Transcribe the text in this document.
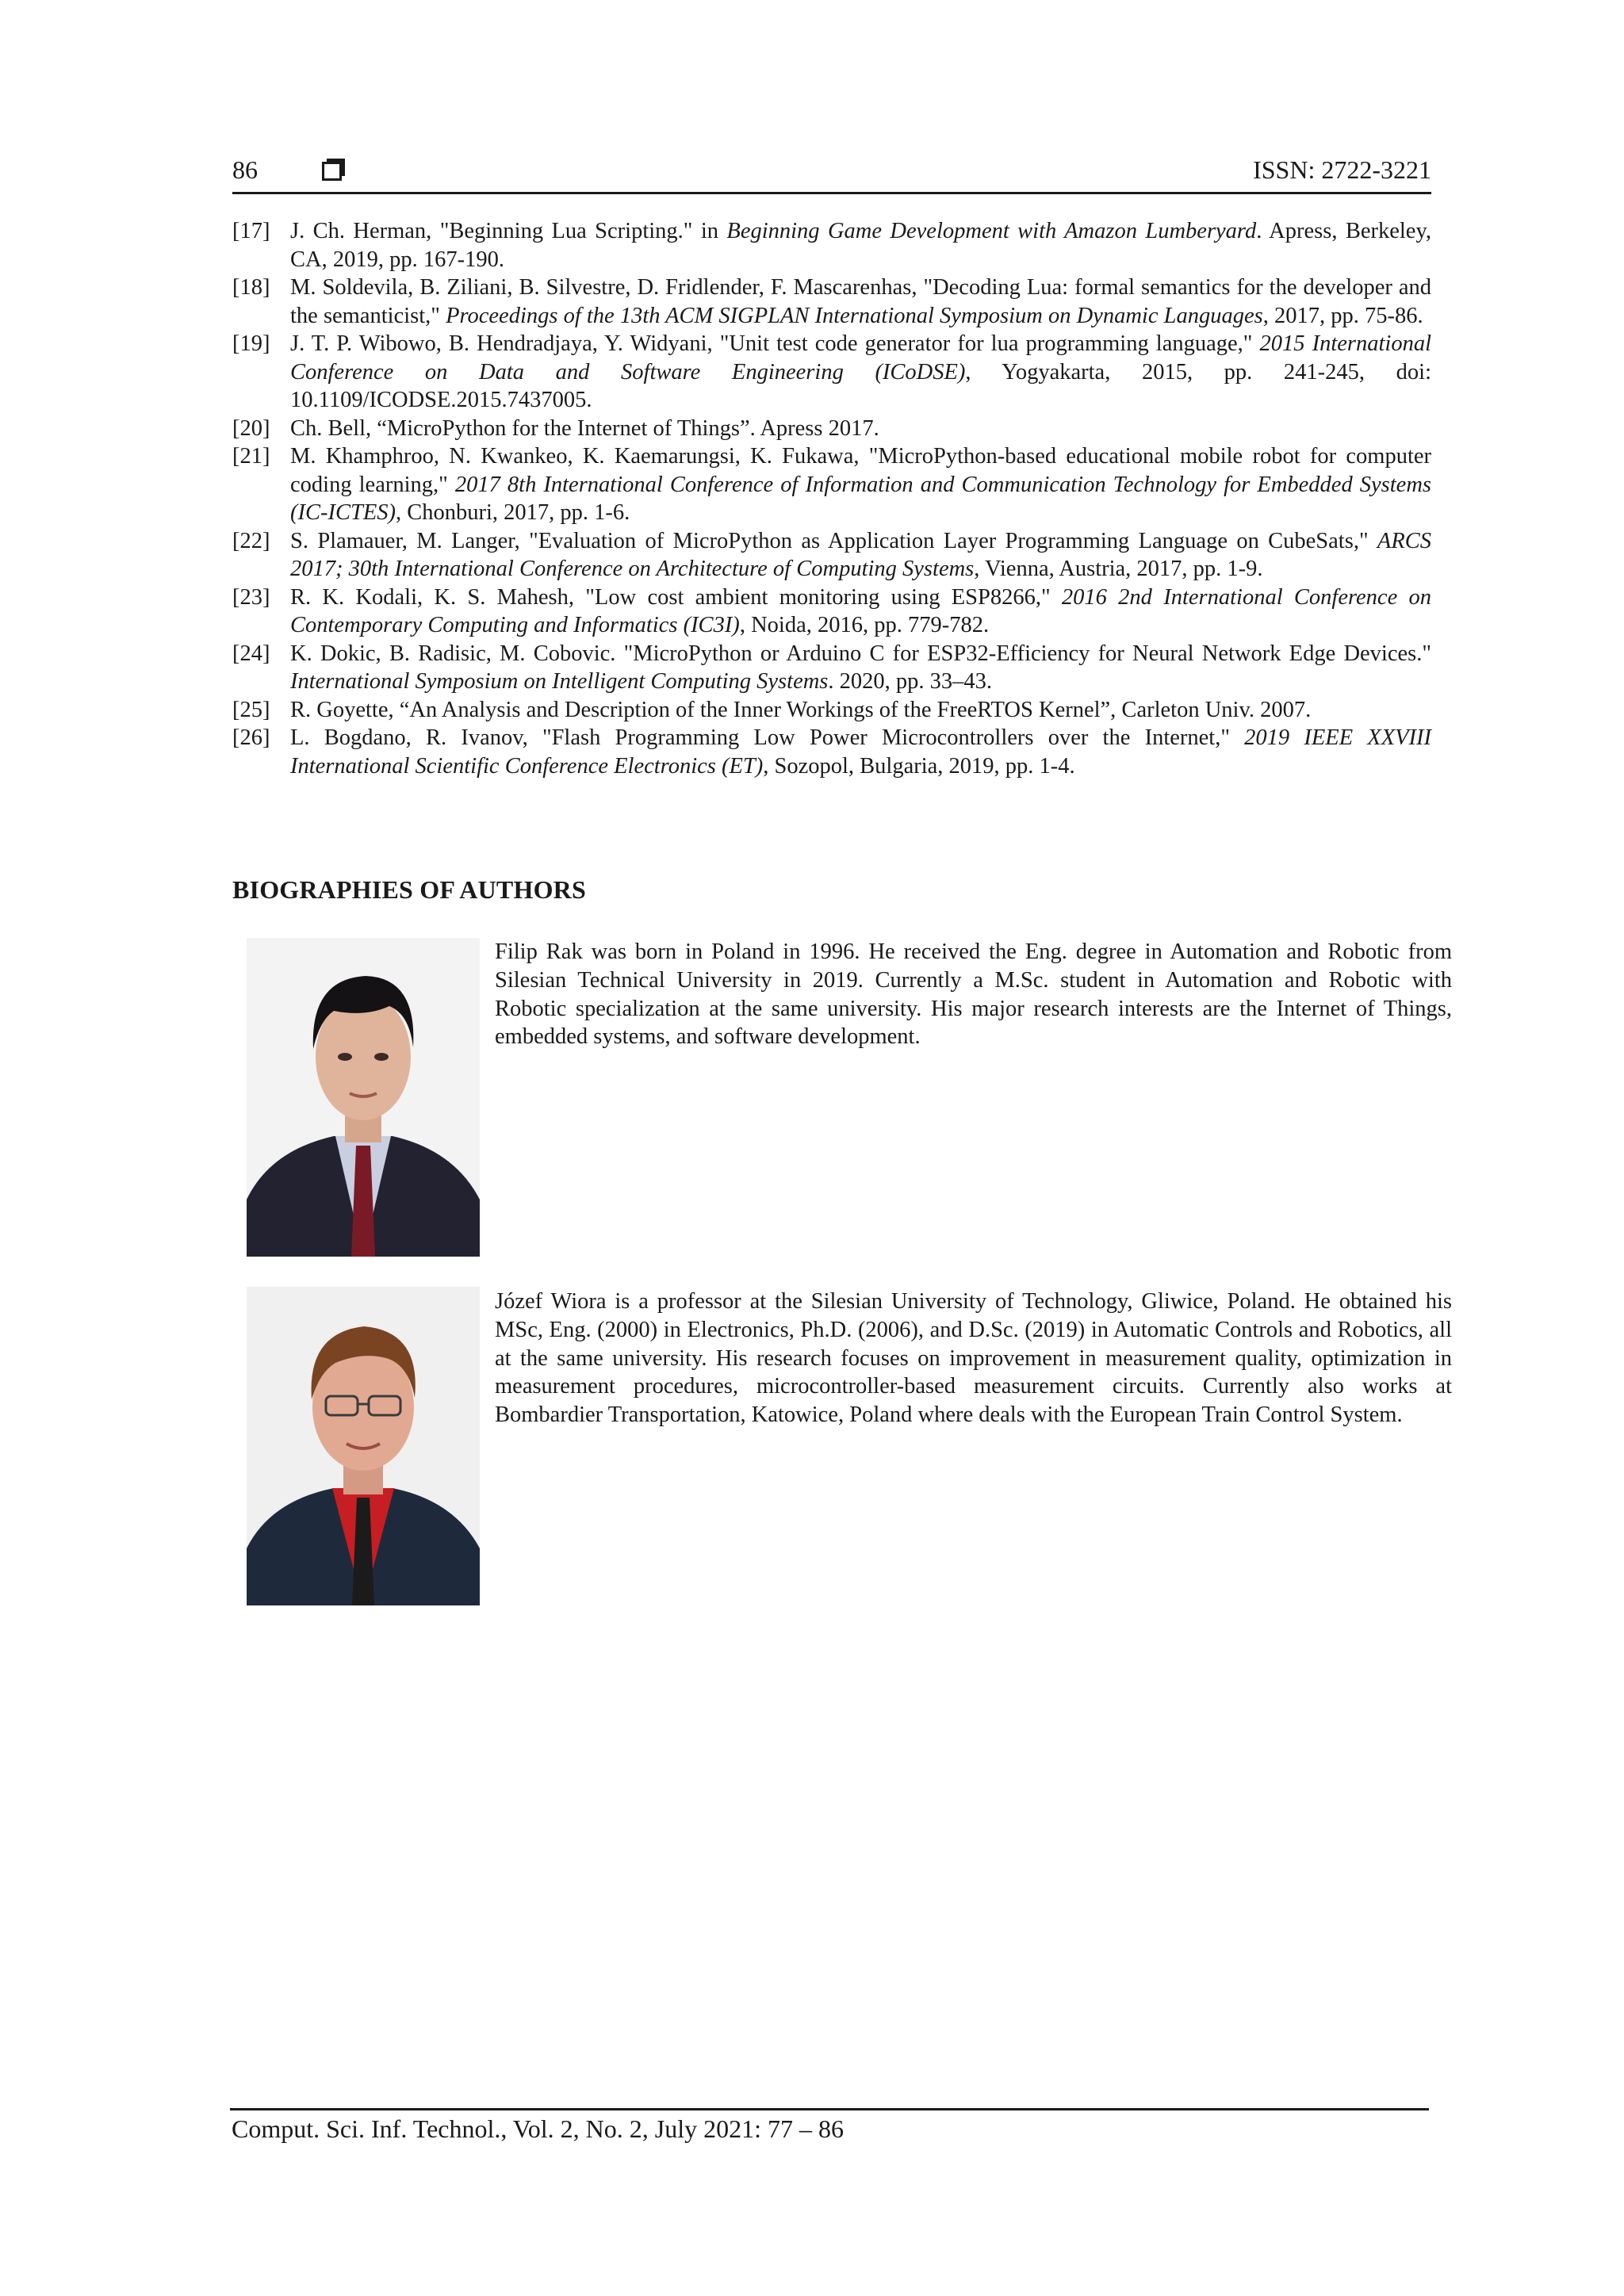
86	ISSN: 2722-3221
[17] J. Ch. Herman, "Beginning Lua Scripting." in Beginning Game Development with Amazon Lumberyard. Apress, Berkeley, CA, 2019, pp. 167-190.
[18] M. Soldevila, B. Ziliani, B. Silvestre, D. Fridlender, F. Mascarenhas, "Decoding Lua: formal semantics for the developer and the semanticist," Proceedings of the 13th ACM SIGPLAN International Symposium on Dynamic Languages, 2017, pp. 75-86.
[19] J. T. P. Wibowo, B. Hendradjaya, Y. Widyani, "Unit test code generator for lua programming language," 2015 International Conference on Data and Software Engineering (ICoDSE), Yogyakarta, 2015, pp. 241-245, doi: 10.1109/ICODSE.2015.7437005.
[20] Ch. Bell, “MicroPython for the Internet of Things”. Apress 2017.
[21] M. Khamphroo, N. Kwankeo, K. Kaemarungsi, K. Fukawa, "MicroPython-based educational mobile robot for computer coding learning," 2017 8th International Conference of Information and Communication Technology for Embedded Systems (IC-ICTES), Chonburi, 2017, pp. 1-6.
[22] S. Plamauer, M. Langer, "Evaluation of MicroPython as Application Layer Programming Language on CubeSats," ARCS 2017; 30th International Conference on Architecture of Computing Systems, Vienna, Austria, 2017, pp. 1-9.
[23] R. K. Kodali, K. S. Mahesh, "Low cost ambient monitoring using ESP8266," 2016 2nd International Conference on Contemporary Computing and Informatics (IC3I), Noida, 2016, pp. 779-782.
[24] K. Dokic, B. Radisic, M. Cobovic. "MicroPython or Arduino C for ESP32-Efficiency for Neural Network Edge Devices." International Symposium on Intelligent Computing Systems. 2020, pp. 33–43.
[25] R. Goyette, “An Analysis and Description of the Inner Workings of the FreeRTOS Kernel”, Carleton Univ. 2007.
[26] L. Bogdano, R. Ivanov, "Flash Programming Low Power Microcontrollers over the Internet," 2019 IEEE XXVIII International Scientific Conference Electronics (ET), Sozopol, Bulgaria, 2019, pp. 1-4.
BIOGRAPHIES OF AUTHORS
Filip Rak was born in Poland in 1996. He received the Eng. degree in Automation and Robotic from Silesian Technical University in 2019. Currently a M.Sc. student in Automation and Robotic with Robotic specialization at the same university. His major research interests are the Internet of Things, embedded systems, and software development.
Józef Wiora is a professor at the Silesian University of Technology, Gliwice, Poland. He obtained his MSc, Eng. (2000) in Electronics, Ph.D. (2006), and D.Sc. (2019) in Automatic Controls and Robotics, all at the same university. His research focuses on improvement in measurement quality, optimization in measurement procedures, microcontroller-based measurement circuits. Currently also works at Bombardier Transportation, Katowice, Poland where deals with the European Train Control System.
Comput. Sci. Inf. Technol., Vol. 2, No. 2, July 2021: 77 – 86
